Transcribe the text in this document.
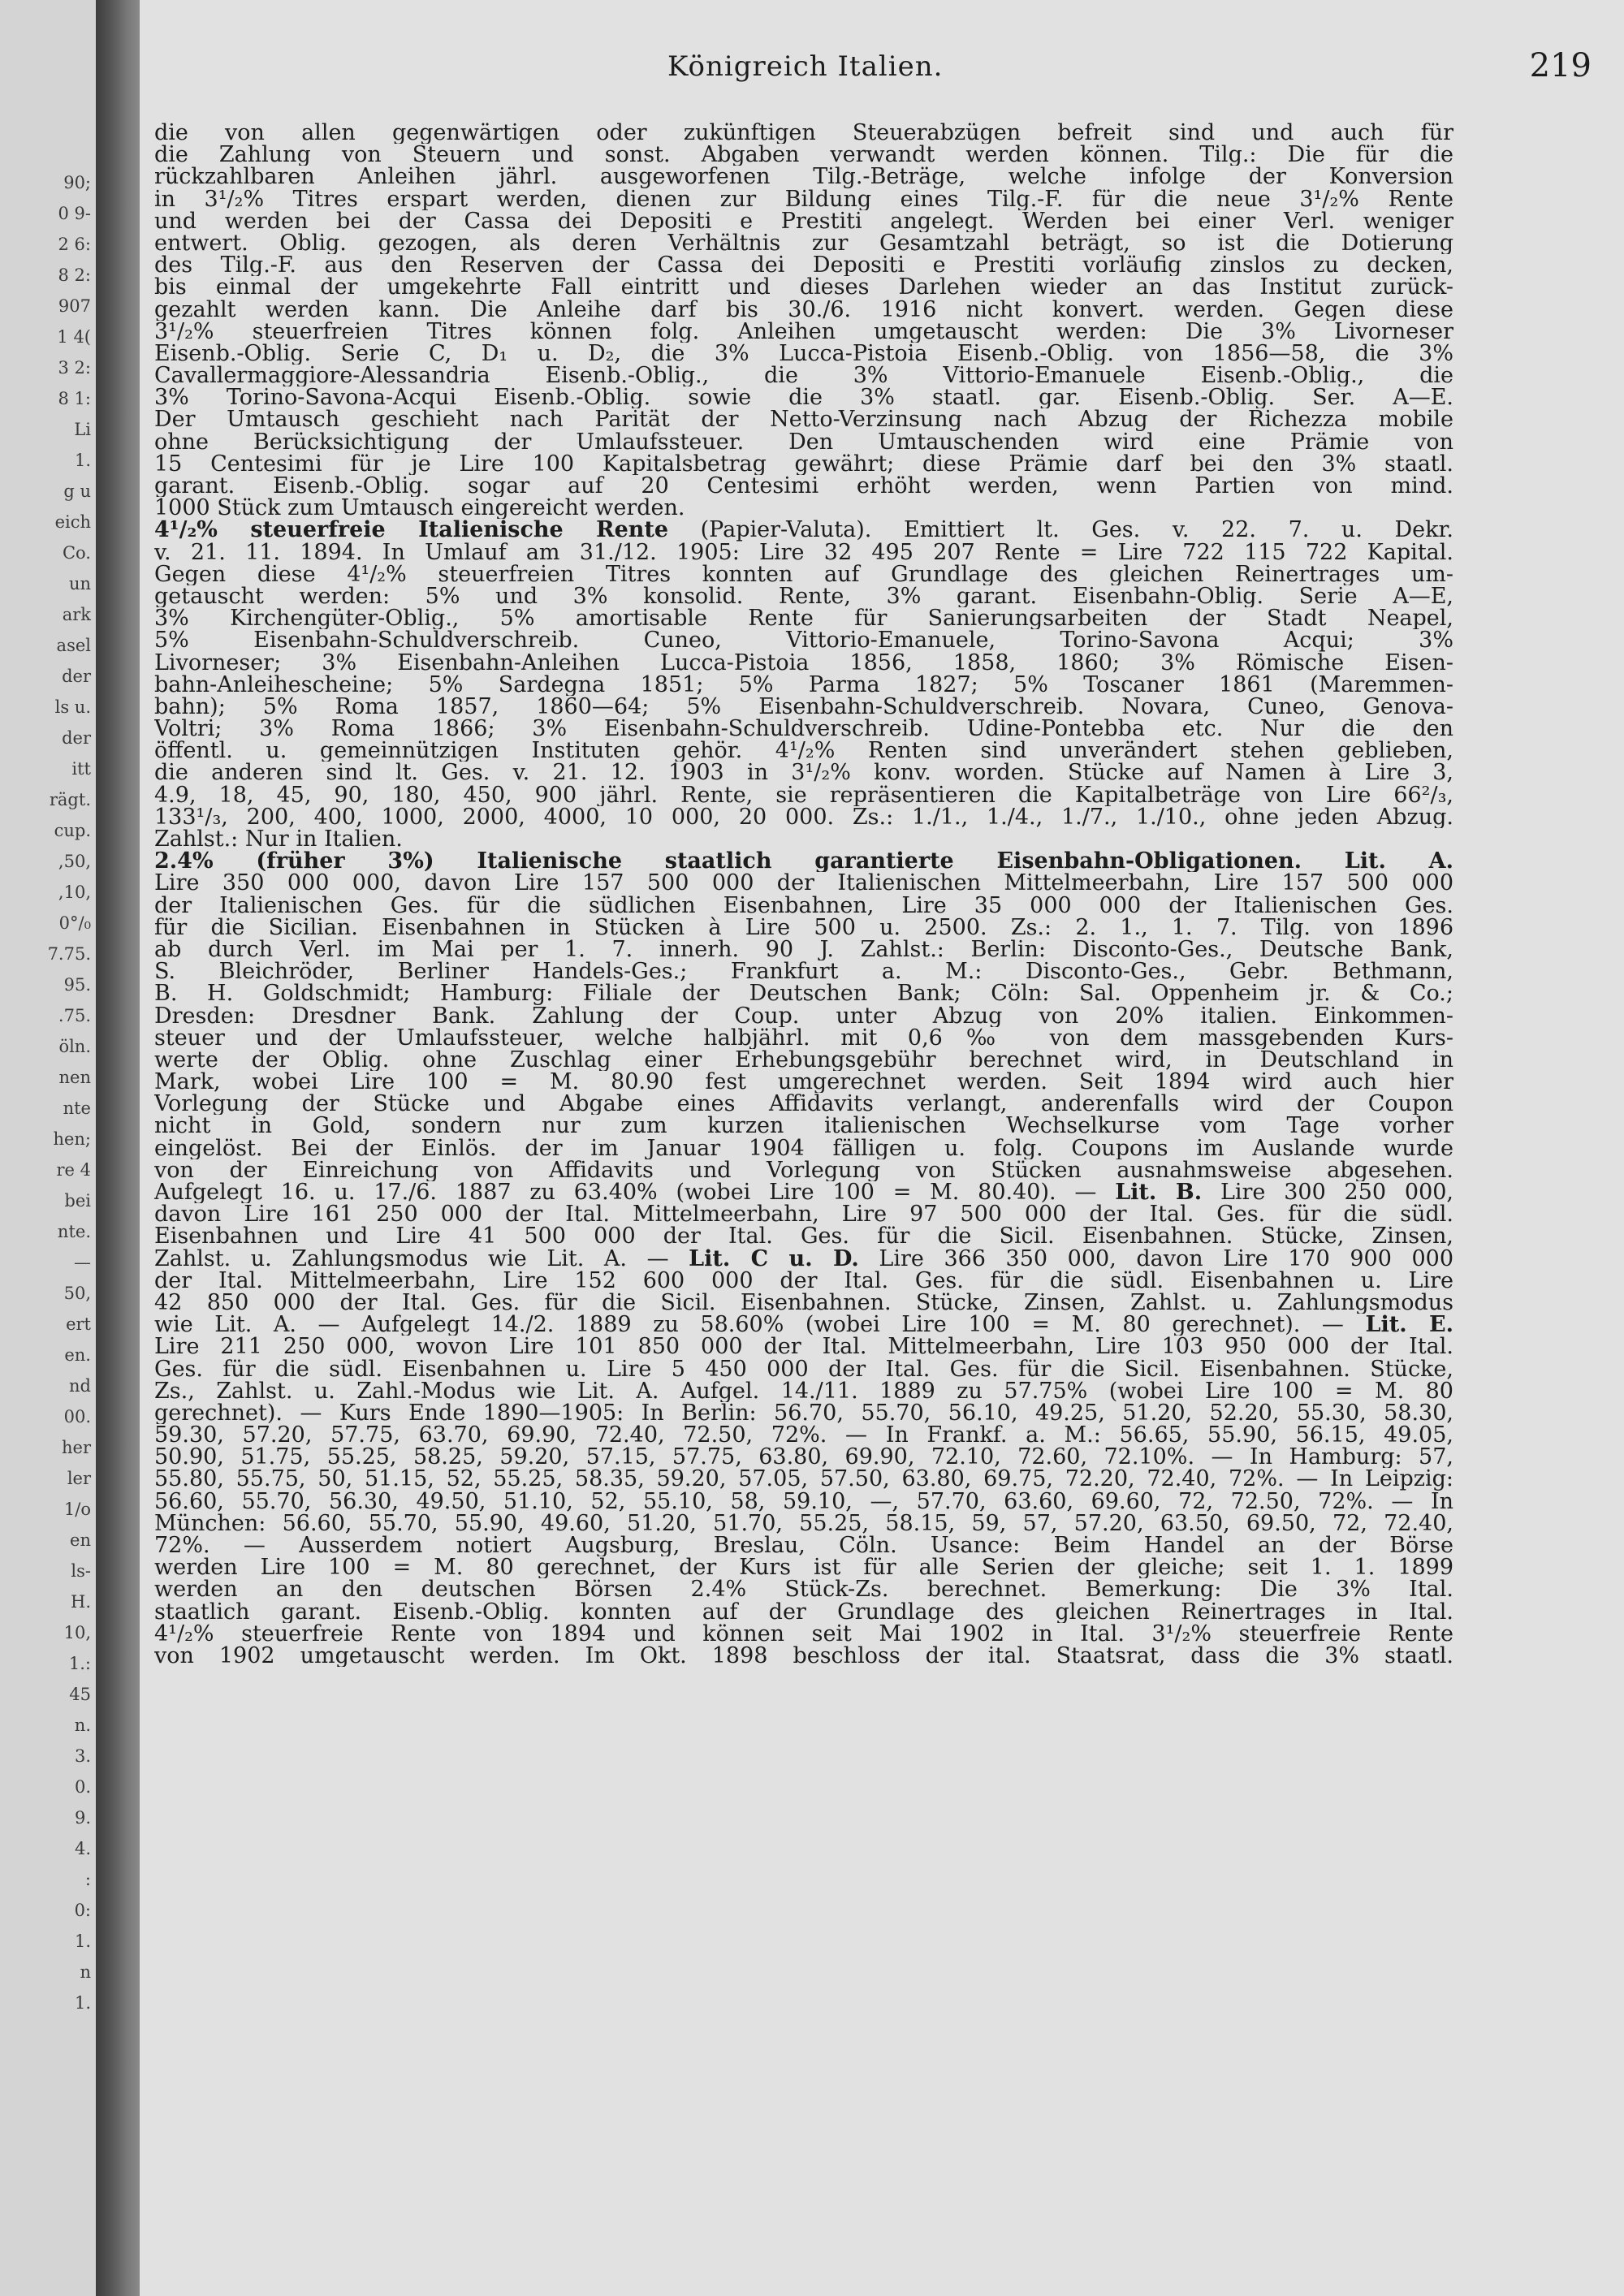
90;
0 9-
2 6:
8 2:
907
1 4(
3 2:
8 1:
Li
1.
g u
eich
Co.
un
ark
asel
der
ls u.
der
itt
rägt.
cup.
,50,
,10,
0°/₀
7.75.
95.
.75.
öln.
nen
nte
hen;
re 4
bei
nte.
—
50,
ert
en.
nd
00.
her
ler
1/o
en
ls-
H.
10,
1.:
45
n.
3.
0.
9.
4.
:
0:
1.
n
1.
Königreich Italien.	219
die von allen gegenwärtigen oder zukünftigen Steuerabzügen befreit sind und auch für
die Zahlung von Steuern und sonst. Abgaben verwandt werden können. Tilg.: Die für die
rückzahlbaren Anleihen jährl. ausgeworfenen Tilg.-Beträge, welche infolge der Konversion
in 3¹/₂% Titres erspart werden, dienen zur Bildung eines Tilg.-F. für die neue 3¹/₂% Rente
und werden bei der Cassa dei Depositi e Prestiti angelegt. Werden bei einer Verl. weniger
entwert. Oblig. gezogen, als deren Verhältnis zur Gesamtzahl beträgt, so ist die Dotierung
des Tilg.-F. aus den Reserven der Cassa dei Depositi e Prestiti vorläufig zinslos zu decken,
bis einmal der umgekehrte Fall eintritt und dieses Darlehen wieder an das Institut zurück-
gezahlt werden kann. Die Anleihe darf bis 30./6. 1916 nicht konvert. werden. Gegen diese
3¹/₂% steuerfreien Titres können folg. Anleihen umgetauscht werden: Die 3% Livorneser
Eisenb.-Oblig. Serie C, D₁ u. D₂, die 3% Lucca-Pistoia Eisenb.-Oblig. von 1856—58, die 3%
Cavallermaggiore-Alessandria Eisenb.-Oblig., die 3% Vittorio-Emanuele Eisenb.-Oblig., die
3% Torino-Savona-Acqui Eisenb.-Oblig. sowie die 3% staatl. gar. Eisenb.-Oblig. Ser. A—E.
Der Umtausch geschieht nach Parität der Netto-Verzinsung nach Abzug der Richezza mobile
ohne Berücksichtigung der Umlaufssteuer. Den Umtauschenden wird eine Prämie von
15 Centesimi für je Lire 100 Kapitalsbetrag gewährt; diese Prämie darf bei den 3% staatl.
garant. Eisenb.-Oblig. sogar auf 20 Centesimi erhöht werden, wenn Partien von mind.
1000 Stück zum Umtausch eingereicht werden.
4¹/₂% steuerfreie Italienische Rente (Papier-Valuta). Emittiert lt. Ges. v. 22. 7. u. Dekr.
v. 21. 11. 1894. In Umlauf am 31./12. 1905: Lire 32 495 207 Rente = Lire 722 115 722 Kapital.
Gegen diese 4¹/₂% steuerfreien Titres konnten auf Grundlage des gleichen Reinertrages um-
getauscht werden: 5% und 3% konsolid. Rente, 3% garant. Eisenbahn-Oblig. Serie A—E,
3% Kirchengüter-Oblig., 5% amortisable Rente für Sanierungsarbeiten der Stadt Neapel,
5% Eisenbahn-Schuldverschreib. Cuneo, Vittorio-Emanuele, Torino-Savona Acqui; 3%
Livorneser; 3% Eisenbahn-Anleihen Lucca-Pistoia 1856, 1858, 1860; 3% Römische Eisen-
bahn-Anleihescheine; 5% Sardegna 1851; 5% Parma 1827; 5% Toscaner 1861 (Maremmen-
bahn); 5% Roma 1857, 1860—64; 5% Eisenbahn-Schuldverschreib. Novara, Cuneo, Genova-
Voltri; 3% Roma 1866; 3% Eisenbahn-Schuldverschreib. Udine-Pontebba etc. Nur die den
öffentl. u. gemeinnützigen Instituten gehör. 4¹/₂% Renten sind unverändert stehen geblieben,
die anderen sind lt. Ges. v. 21. 12. 1903 in 3¹/₂% konv. worden. Stücke auf Namen à Lire 3,
4.9, 18, 45, 90, 180, 450, 900 jährl. Rente, sie repräsentieren die Kapitalbeträge von Lire 66²/₃,
133¹/₃, 200, 400, 1000, 2000, 4000, 10 000, 20 000. Zs.: 1./1., 1./4., 1./7., 1./10., ohne jeden Abzug.
Zahlst.: Nur in Italien.
2.4% (früher 3%) Italienische staatlich garantierte Eisenbahn-Obligationen. Lit. A.
Lire 350 000 000, davon Lire 157 500 000 der Italienischen Mittelmeerbahn, Lire 157 500 000
der Italienischen Ges. für die südlichen Eisenbahnen, Lire 35 000 000 der Italienischen Ges.
für die Sicilian. Eisenbahnen in Stücken à Lire 500 u. 2500. Zs.: 2. 1., 1. 7. Tilg. von 1896
ab durch Verl. im Mai per 1. 7. innerh. 90 J. Zahlst.: Berlin: Disconto-Ges., Deutsche Bank,
S. Bleichröder, Berliner Handels-Ges.; Frankfurt a. M.: Disconto-Ges., Gebr. Bethmann,
B. H. Goldschmidt; Hamburg: Filiale der Deutschen Bank; Cöln: Sal. Oppenheim jr. & Co.;
Dresden: Dresdner Bank. Zahlung der Coup. unter Abzug von 20% italien. Einkommen-
steuer und der Umlaufssteuer, welche halbjährl. mit 0,6‰ von dem massgebenden Kurs-
werte der Oblig. ohne Zuschlag einer Erhebungsgebühr berechnet wird, in Deutschland in
Mark, wobei Lire 100 = M. 80.90 fest umgerechnet werden. Seit 1894 wird auch hier
Vorlegung der Stücke und Abgabe eines Affidavits verlangt, anderenfalls wird der Coupon
nicht in Gold, sondern nur zum kurzen italienischen Wechselkurse vom Tage vorher
eingelöst. Bei der Einlös. der im Januar 1904 fälligen u. folg. Coupons im Auslande wurde
von der Einreichung von Affidavits und Vorlegung von Stücken ausnahmsweise abgesehen.
Aufgelegt 16. u. 17./6. 1887 zu 63.40% (wobei Lire 100 = M. 80.40). — Lit. B. Lire 300 250 000,
davon Lire 161 250 000 der Ital. Mittelmeerbahn, Lire 97 500 000 der Ital. Ges. für die südl.
Eisenbahnen und Lire 41 500 000 der Ital. Ges. für die Sicil. Eisenbahnen. Stücke, Zinsen,
Zahlst. u. Zahlungsmodus wie Lit. A. — Lit. C u. D. Lire 366 350 000, davon Lire 170 900 000
der Ital. Mittelmeerbahn, Lire 152 600 000 der Ital. Ges. für die südl. Eisenbahnen u. Lire
42 850 000 der Ital. Ges. für die Sicil. Eisenbahnen. Stücke, Zinsen, Zahlst. u. Zahlungsmodus
wie Lit. A. — Aufgelegt 14./2. 1889 zu 58.60% (wobei Lire 100 = M. 80 gerechnet). — Lit. E.
Lire 211 250 000, wovon Lire 101 850 000 der Ital. Mittelmeerbahn, Lire 103 950 000 der Ital.
Ges. für die südl. Eisenbahnen u. Lire 5 450 000 der Ital. Ges. für die Sicil. Eisenbahnen. Stücke,
Zs., Zahlst. u. Zahl.-Modus wie Lit. A. Aufgel. 14./11. 1889 zu 57.75% (wobei Lire 100 = M. 80
gerechnet). — Kurs Ende 1890—1905: In Berlin: 56.70, 55.70, 56.10, 49.25, 51.20, 52.20, 55.30, 58.30,
59.30, 57.20, 57.75, 63.70, 69.90, 72.40, 72.50, 72%. — In Frankf. a. M.: 56.65, 55.90, 56.15, 49.05,
50.90, 51.75, 55.25, 58.25, 59.20, 57.15, 57.75, 63.80, 69.90, 72.10, 72.60, 72.10%. — In Hamburg: 57,
55.80, 55.75, 50, 51.15, 52, 55.25, 58.35, 59.20, 57.05, 57.50, 63.80, 69.75, 72.20, 72.40, 72%. — In Leipzig:
56.60, 55.70, 56.30, 49.50, 51.10, 52, 55.10, 58, 59.10, —, 57.70, 63.60, 69.60, 72, 72.50, 72%. — In
München: 56.60, 55.70, 55.90, 49.60, 51.20, 51.70, 55.25, 58.15, 59, 57, 57.20, 63.50, 69.50, 72, 72.40,
72%. — Ausserdem notiert Augsburg, Breslau, Cöln. Usance: Beim Handel an der Börse
werden Lire 100 = M. 80 gerechnet, der Kurs ist für alle Serien der gleiche; seit 1. 1. 1899
werden an den deutschen Börsen 2.4% Stück-Zs. berechnet. Bemerkung: Die 3% Ital.
staatlich garant. Eisenb.-Oblig. konnten auf der Grundlage des gleichen Reinertrages in Ital.
4¹/₂% steuerfreie Rente von 1894 und können seit Mai 1902 in Ital. 3¹/₂% steuerfreie Rente
von 1902 umgetauscht werden. Im Okt. 1898 beschloss der ital. Staatsrat, dass die 3% staatl.
